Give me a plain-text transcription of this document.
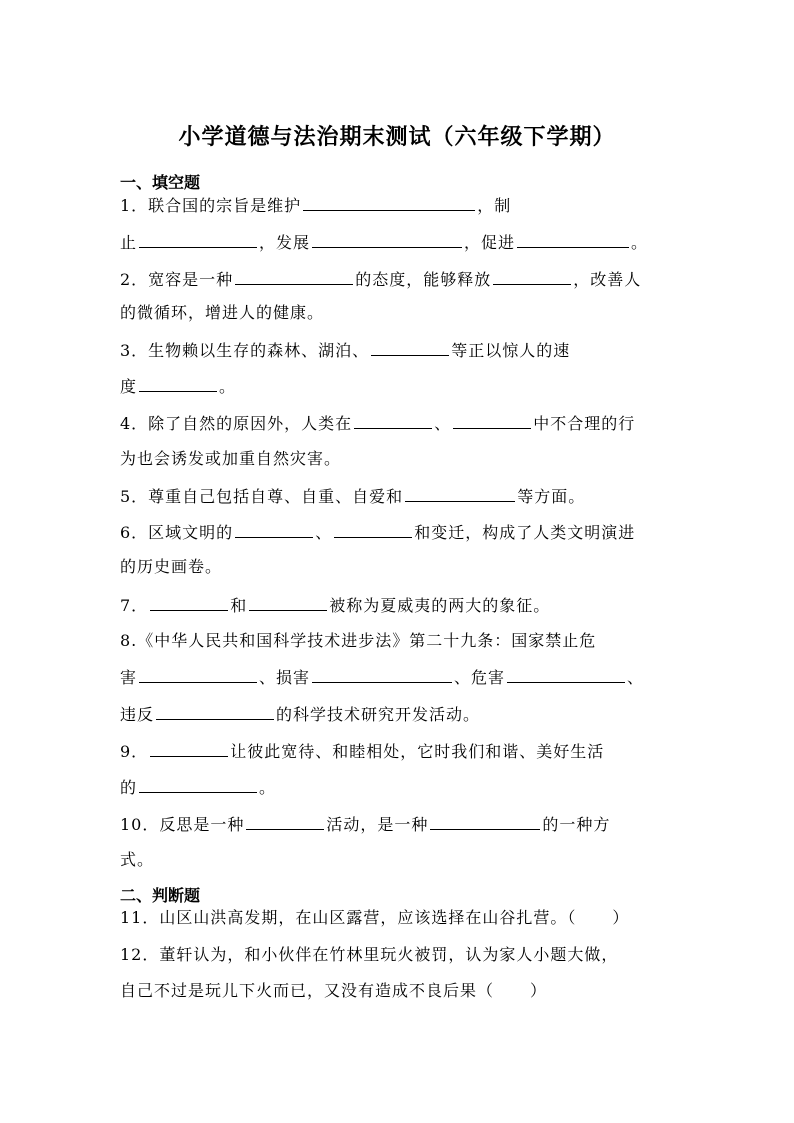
小学道德与法治期末测试（六年级下学期）
一、填空题
1．联合国的宗旨是维护	，制
止	，发展	，促进	。
2．宽容是一种	的态度，能够释放	，改善人
的微循环，增进人的健康。
3．生物赖以生存的森林、湖泊、	等正以惊人的速
度	。
4．除了自然的原因外，人类在	、	中不合理的行
为也会诱发或加重自然灾害。
5．尊重自己包括自尊、自重、自爱和	等方面。
6．区域文明的	、	和变迁，构成了人类文明演进
的历史画卷。
7．	和	被称为夏威夷的两大的象征。
8.《中华人民共和国科学技术进步法》第二十九条：国家禁止危
害	、损害	、危害	、
违反	的科学技术研究开发活动。
9．	让彼此宽待、和睦相处，它时我们和谐、美好生活
的	。
10．反思是一种	活动，是一种	的一种方
式。
二、判断题
11．山区山洪高发期，在山区露营，应该选择在山谷扎营。（ ）
12．董轩认为，和小伙伴在竹林里玩火被罚，认为家人小题大做，
自己不过是玩儿下火而已，又没有造成不良后果（ ）
